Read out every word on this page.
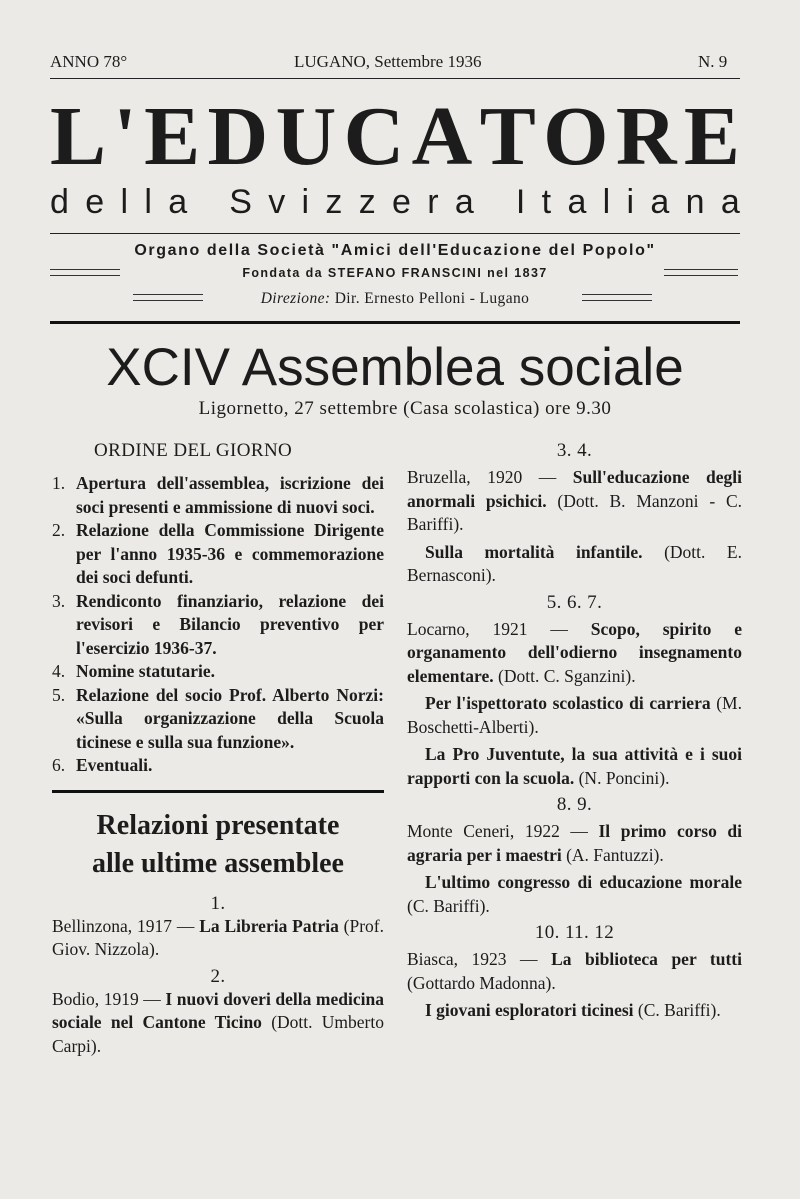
ANNO 78°	LUGANO, Settembre 1936	N. 9
L ' E D U C A T O R E
d e l l a
S v i z z e r a
I t a l i a n a
Organo della Società "Amici dell'Educazione del Popolo"
Fondata da STEFANO FRANSCINI nel 1837
Direzione: Dir. Ernesto Pelloni - Lugano
XCIV Assemblea sociale
Ligornetto, 27 settembre (Casa scolastica) ore 9.30
ORDINE DEL GIORNO
1. Apertura dell'assemblea, iscrizione dei soci presenti e ammissione di nuovi soci.
2. Relazione della Commissione Dirigente per l'anno 1935-36 e commemorazione dei soci defunti.
3. Rendiconto finanziario, relazione dei revisori e Bilancio preventivo per l'esercizio 1936-37.
4. Nomine statutarie.
5. Relazione del socio Prof. Alberto Norzi: «Sulla organizzazione della Scuola ticinese e sulla sua funzione».
6. Eventuali.
Relazioni presentate
alle ultime assemblee
1.
Bellinzona, 1917 — La Libreria Patria (Prof. Giov. Nizzola).
2.
Bodio, 1919 — I nuovi doveri della medicina sociale nel Cantone Ticino (Dott. Umberto Carpi).
3. 4.
Bruzella, 1920 — Sull'educazione degli anormali psichici. (Dott. B. Manzoni - C. Bariffi).
Sulla mortalità infantile. (Dott. E. Bernasconi).
5. 6. 7.
Locarno, 1921 — Scopo, spirito e organamento dell'odierno insegnamento elementare. (Dott. C. Sganzini).
Per l'ispettorato scolastico di carriera (M. Boschetti-Alberti).
La Pro Juventute, la sua attività e i suoi rapporti con la scuola. (N. Poncini).
8. 9.
Monte Ceneri, 1922 — Il primo corso di agraria per i maestri (A. Fantuzzi).
L'ultimo congresso di educazione morale (C. Bariffi).
10. 11. 12
Biasca, 1923 — La biblioteca per tutti (Gottardo Madonna).
I giovani esploratori ticinesi (C. Bariffi).
